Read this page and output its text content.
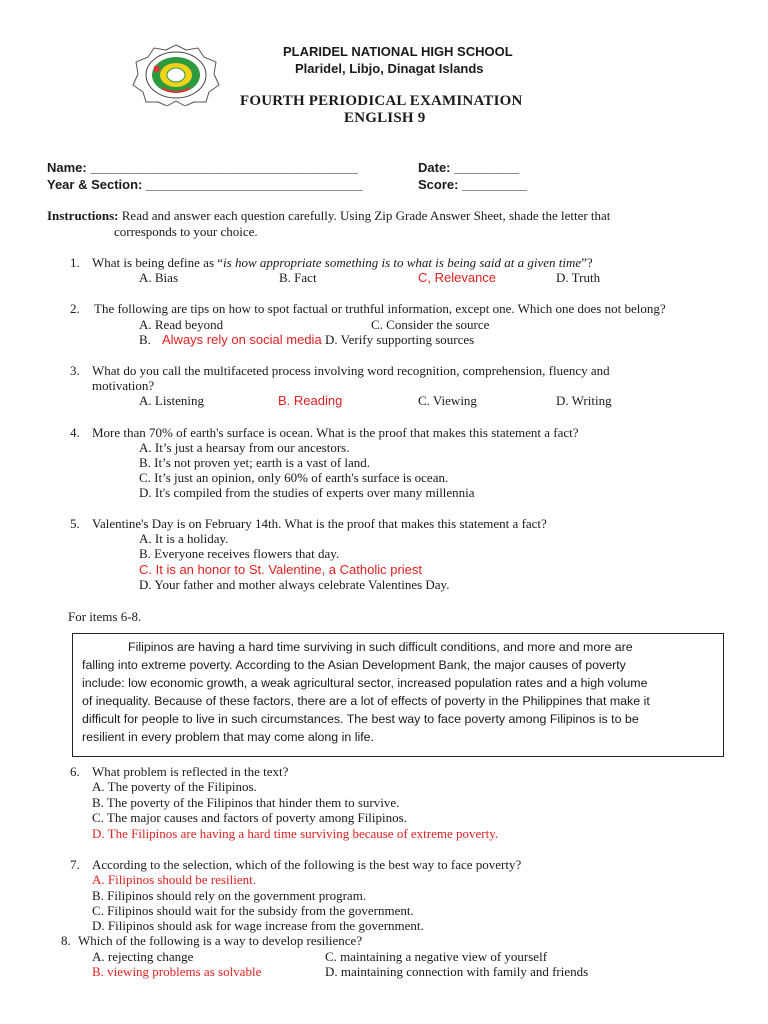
PLARIDEL NATIONAL HIGH SCHOOL
Plaridel, Libjo, Dinagat Islands
FOURTH PERIODICAL EXAMINATION
ENGLISH 9
Name: _____________________________________	Date: _________
Year & Section: ______________________________	Score: _________
Instructions: Read and answer each question carefully. Using Zip Grade Answer Sheet, shade the letter that
corresponds to your choice.
1. What is being define as “is how appropriate something is to what is being said at a given time”?
A. Bias	B. Fact	C, Relevance	D. Truth
2. The following are tips on how to spot factual or truthful information, except one. Which one does not belong?
A. Read beyond	C. Consider the source
B. Always rely on social media D. Verify supporting sources
3. What do you call the multifaceted process involving word recognition, comprehension, fluency and
motivation?
A. Listening	B. Reading	C. Viewing	D. Writing
4. More than 70% of earth's surface is ocean. What is the proof that makes this statement a fact?
A. It’s just a hearsay from our ancestors.
B. It’s not proven yet; earth is a vast of land.
C. It’s just an opinion, only 60% of earth's surface is ocean.
D. It's compiled from the studies of experts over many millennia
5. Valentine's Day is on February 14th. What is the proof that makes this statement a fact?
A. It is a holiday.
B. Everyone receives flowers that day.
C. It is an honor to St. Valentine, a Catholic priest
D. Your father and mother always celebrate Valentines Day.
For items 6-8.
Filipinos are having a hard time surviving in such difficult conditions, and more and more are
falling into extreme poverty. According to the Asian Development Bank, the major causes of poverty
include: low economic growth, a weak agricultural sector, increased population rates and a high volume
of inequality. Because of these factors, there are a lot of effects of poverty in the Philippines that make it
difficult for people to live in such circumstances. The best way to face poverty among Filipinos is to be
resilient in every problem that may come along in life.
6. What problem is reflected in the text?
A. The poverty of the Filipinos.
B. The poverty of the Filipinos that hinder them to survive.
C. The major causes and factors of poverty among Filipinos.
D. The Filipinos are having a hard time surviving because of extreme poverty.
7. According to the selection, which of the following is the best way to face poverty?
A. Filipinos should be resilient.
B. Filipinos should rely on the government program.
C. Filipinos should wait for the subsidy from the government.
D. Filipinos should ask for wage increase from the government.
8. Which of the following is a way to develop resilience?
A. rejecting change	C. maintaining a negative view of yourself
B. viewing problems as solvable	D. maintaining connection with family and friends
